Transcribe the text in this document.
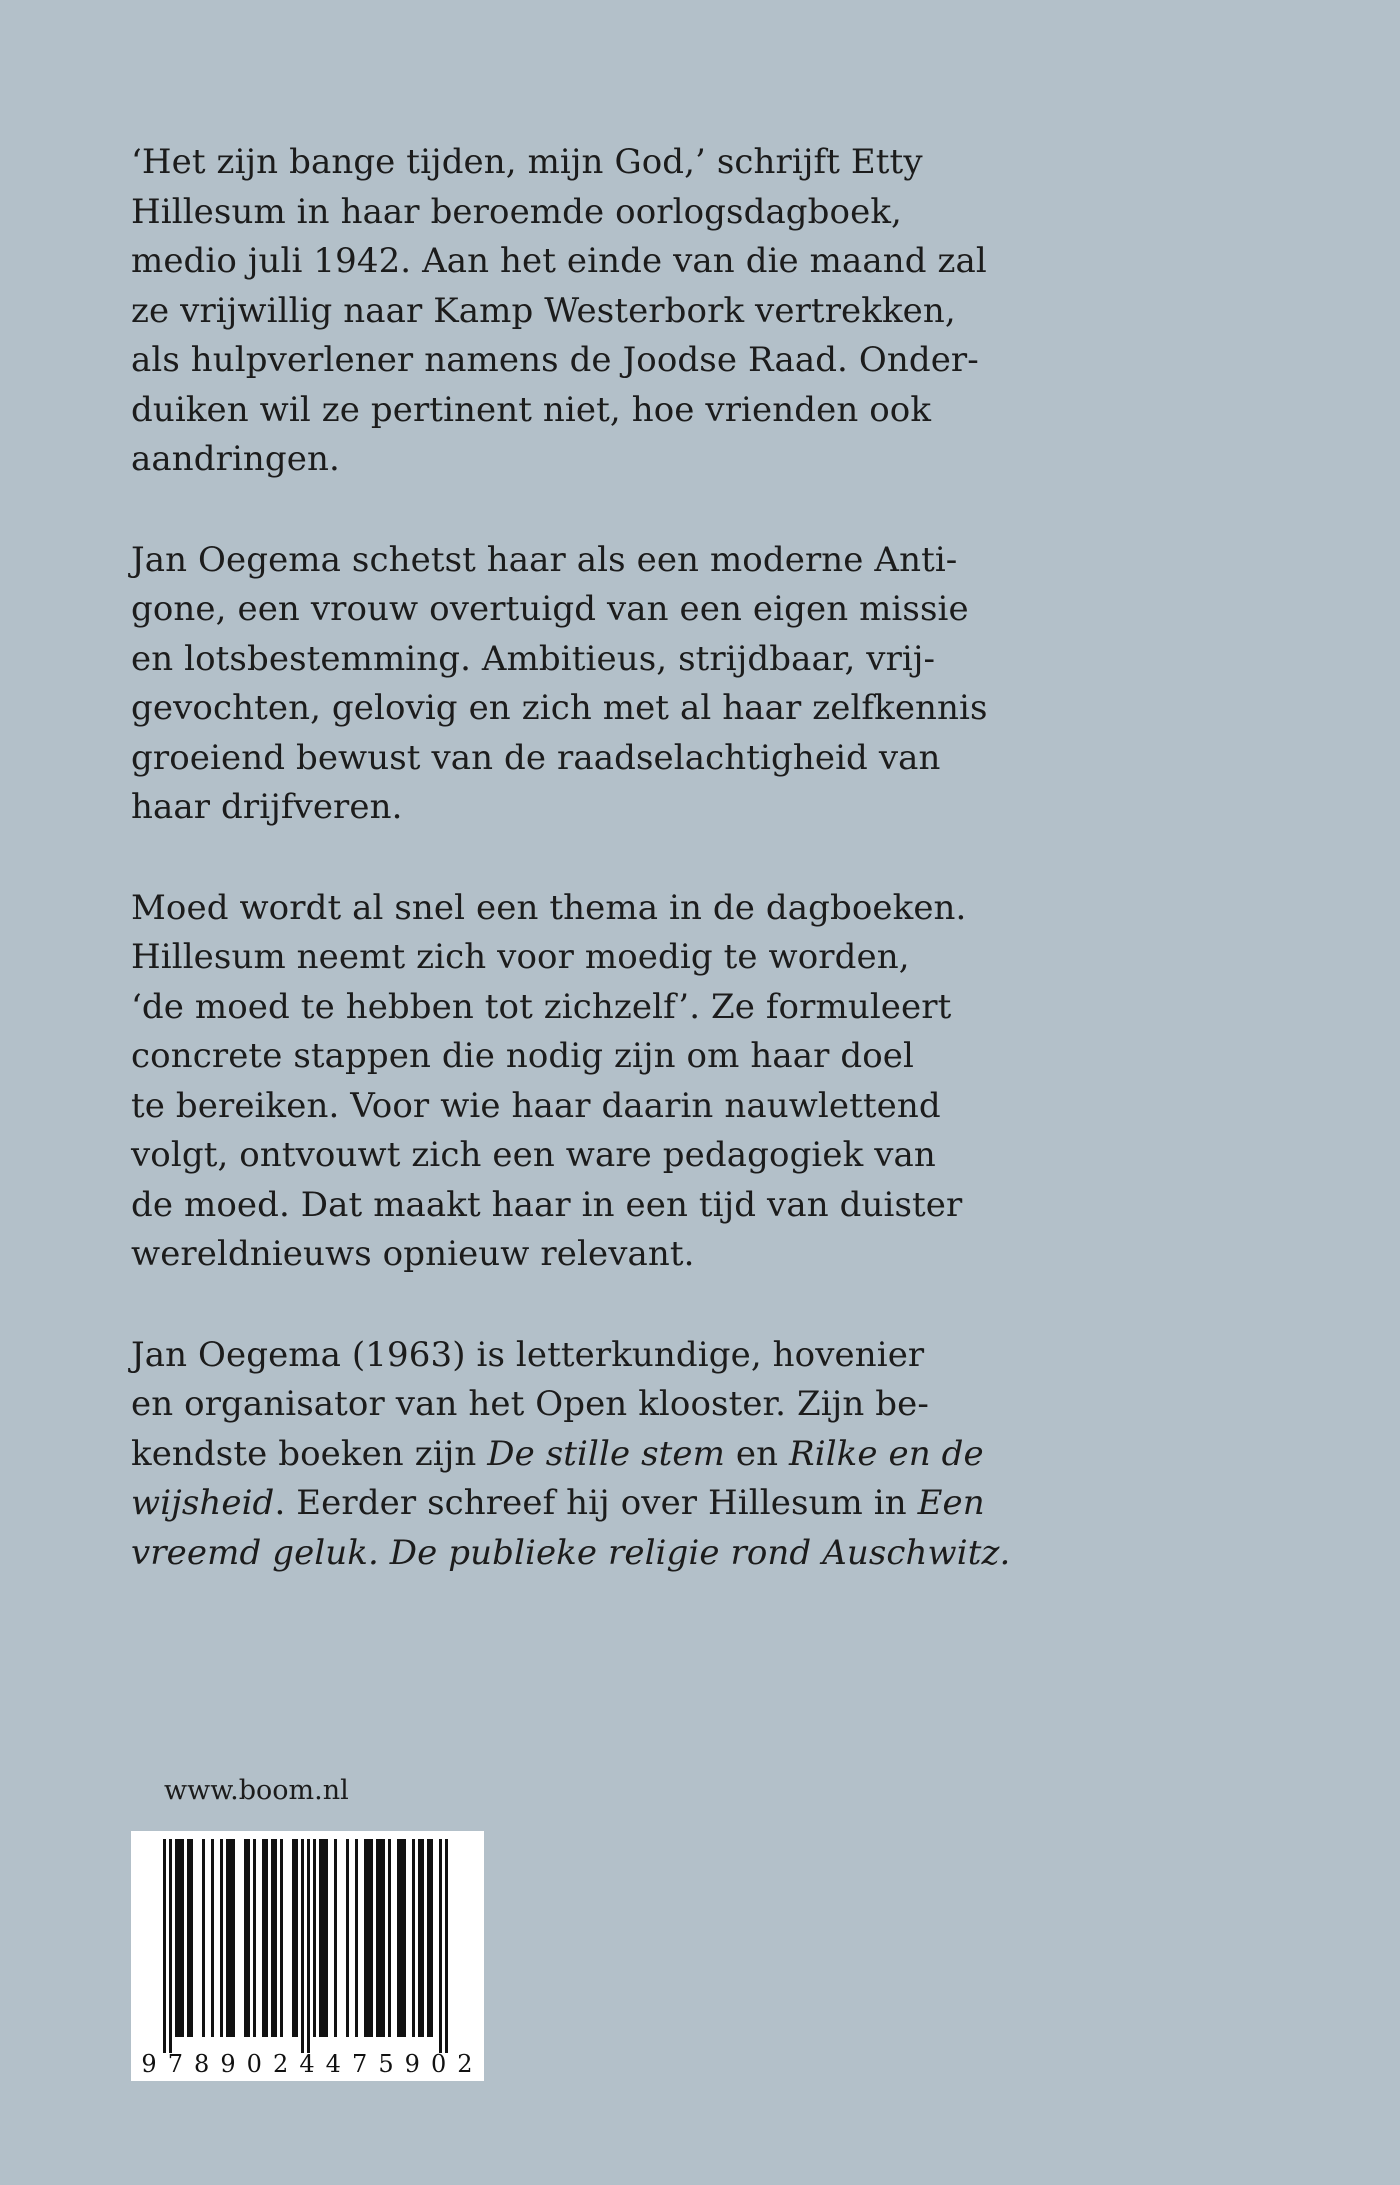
‘Het zijn bange tijden, mijn God,’ schrijft Etty
Hillesum in haar beroemde oorlogsdagboek,
medio juli 1942. Aan het einde van die maand zal
ze vrijwillig naar Kamp Westerbork vertrekken,
als hulpverlener namens de Joodse Raad. Onder-
duiken wil ze pertinent niet, hoe vrienden ook
aandringen.

Jan Oegema schetst haar als een moderne Anti-
gone, een vrouw overtuigd van een eigen missie
en lotsbestemming. Ambitieus, strijdbaar, vrij-
gevochten, gelovig en zich met al haar zelfkennis
groeiend bewust van de raadselachtigheid van
haar drijfveren.

Moed wordt al snel een thema in de dagboeken.
Hillesum neemt zich voor moedig te worden,
‘de moed te hebben tot zichzelf’. Ze formuleert
concrete stappen die nodig zijn om haar doel
te bereiken. Voor wie haar daarin nauwlettend
volgt, ontvouwt zich een ware pedagogiek van
de moed. Dat maakt haar in een tijd van duister
wereldnieuws opnieuw relevant.

Jan Oegema (1963) is letterkundige, hovenier
en organisator van het Open klooster. Zijn be-
kendste boeken zijn De stille stem en Rilke en de
wijsheid. Eerder schreef hij over Hillesum in Een
vreemd geluk. De publieke religie rond Auschwitz.

www.boom.nl
9 7 8 9 0 2 4 4 7 5 9 0 2
